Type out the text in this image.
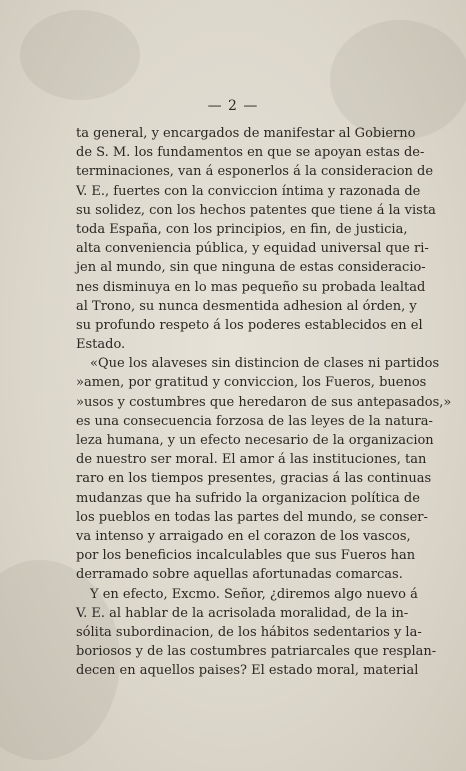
— 2 —
ta general, y encargados de manifestar al Gobierno
de S. M. los fundamentos en que se apoyan estas de-
terminaciones, van á esponerlos á la consideracion de
V. E., fuertes con la conviccion íntima y razonada de
su solidez, con los hechos patentes que tiene á la vista
toda España, con los principios, en fin, de justicia,
alta conveniencia pública, y equidad universal que ri-
jen al mundo, sin que ninguna de estas consideracio-
nes disminuya en lo mas pequeño su probada lealtad
al Trono, su nunca desmentida adhesion al órden, y
su profundo respeto á los poderes establecidos en el
Estado.
«Que los alaveses sin distincion de clases ni partidos
»amen, por gratitud y conviccion, los Fueros, buenos
»usos y costumbres que heredaron de sus antepasados,»
es una consecuencia forzosa de las leyes de la natura-
leza humana, y un efecto necesario de la organizacion
de nuestro ser moral. El amor á las instituciones, tan
raro en los tiempos presentes, gracias á las continuas
mudanzas que ha sufrido la organizacion política de
los pueblos en todas las partes del mundo, se conser-
va intenso y arraigado en el corazon de los vascos,
por los beneficios incalculables que sus Fueros han
derramado sobre aquellas afortunadas comarcas.
Y en efecto, Excmo. Señor, ¿diremos algo nuevo á
V. E. al hablar de la acrisolada moralidad, de la in-
sólita subordinacion, de los hábitos sedentarios y la-
boriosos y de las costumbres patriarcales que resplan-
decen en aquellos paises? El estado moral, material
